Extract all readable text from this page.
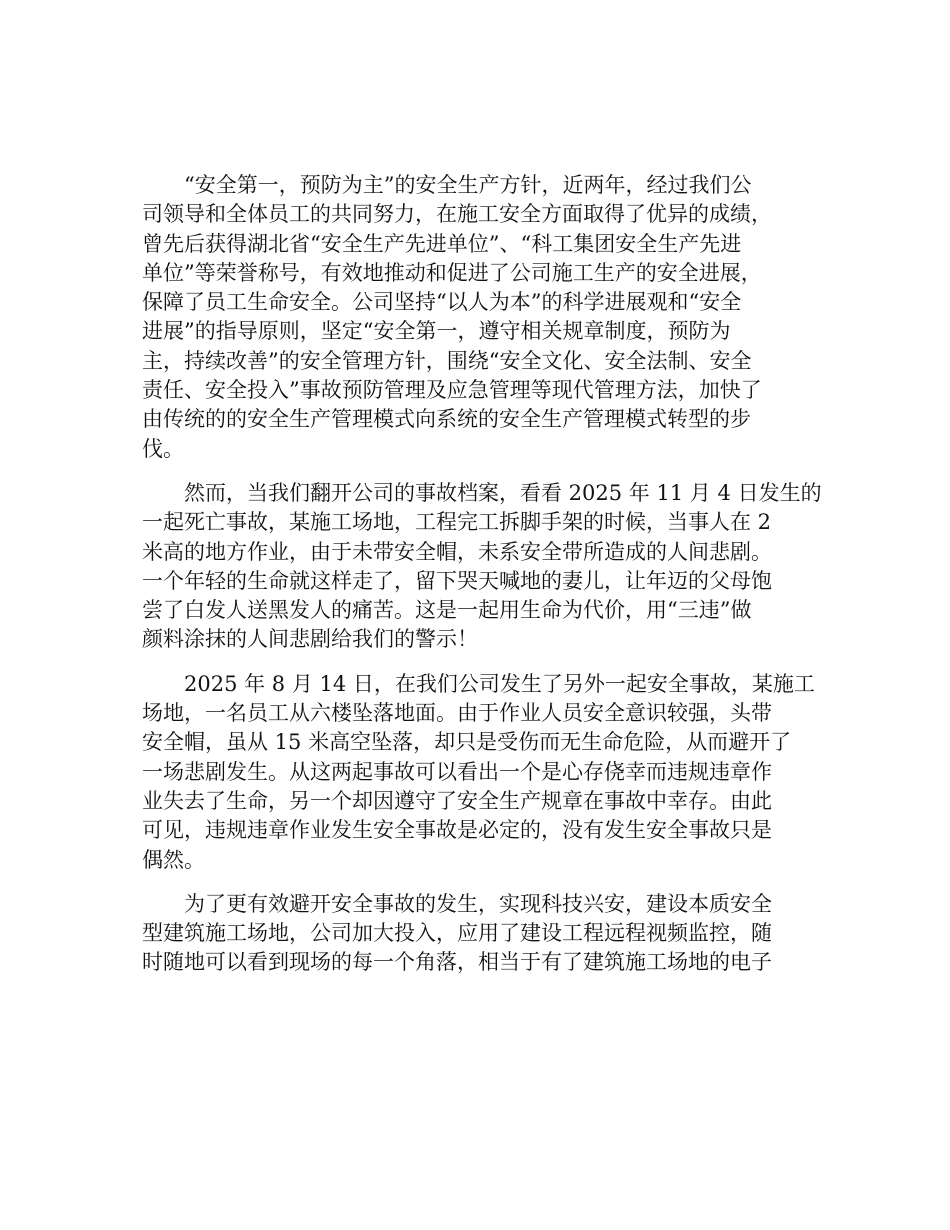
“安全第一，预防为主”的安全生产方针，近两年，经过我们公
司领导和全体员工的共同努力，在施工安全方面取得了优异的成绩，
曾先后获得湖北省“安全生产先进单位”、“科工集团安全生产先进
单位”等荣誉称号，有效地推动和促进了公司施工生产的安全进展，
保障了员工生命安全。公司坚持“以人为本”的科学进展观和“安全
进展”的指导原则，坚定“安全第一，遵守相关规章制度，预防为
主，持续改善”的安全管理方针，围绕“安全文化、安全法制、安全
责任、安全投入”事故预防管理及应急管理等现代管理方法，加快了
由传统的的安全生产管理模式向系统的安全生产管理模式转型的步
伐。

然而，当我们翻开公司的事故档案，看看 2025 年 11 月 4 日发生的
一起死亡事故，某施工场地，工程完工拆脚手架的时候，当事人在 2
米高的地方作业，由于未带安全帽，未系安全带所造成的人间悲剧。
一个年轻的生命就这样走了，留下哭天喊地的妻儿，让年迈的父母饱
尝了白发人送黑发人的痛苦。这是一起用生命为代价，用“三违”做
颜料涂抹的人间悲剧给我们的警示！

2025 年 8 月 14 日，在我们公司发生了另外一起安全事故，某施工
场地，一名员工从六楼坠落地面。由于作业人员安全意识较强，头带
安全帽，虽从 15 米高空坠落，却只是受伤而无生命危险，从而避开了
一场悲剧发生。从这两起事故可以看出一个是心存侥幸而违规违章作
业失去了生命，另一个却因遵守了安全生产规章在事故中幸存。由此
可见，违规违章作业发生安全事故是必定的，没有发生安全事故只是
偶然。

为了更有效避开安全事故的发生，实现科技兴安，建设本质安全
型建筑施工场地，公司加大投入，应用了建设工程远程视频监控，随
时随地可以看到现场的每一个角落，相当于有了建筑施工场地的电子
